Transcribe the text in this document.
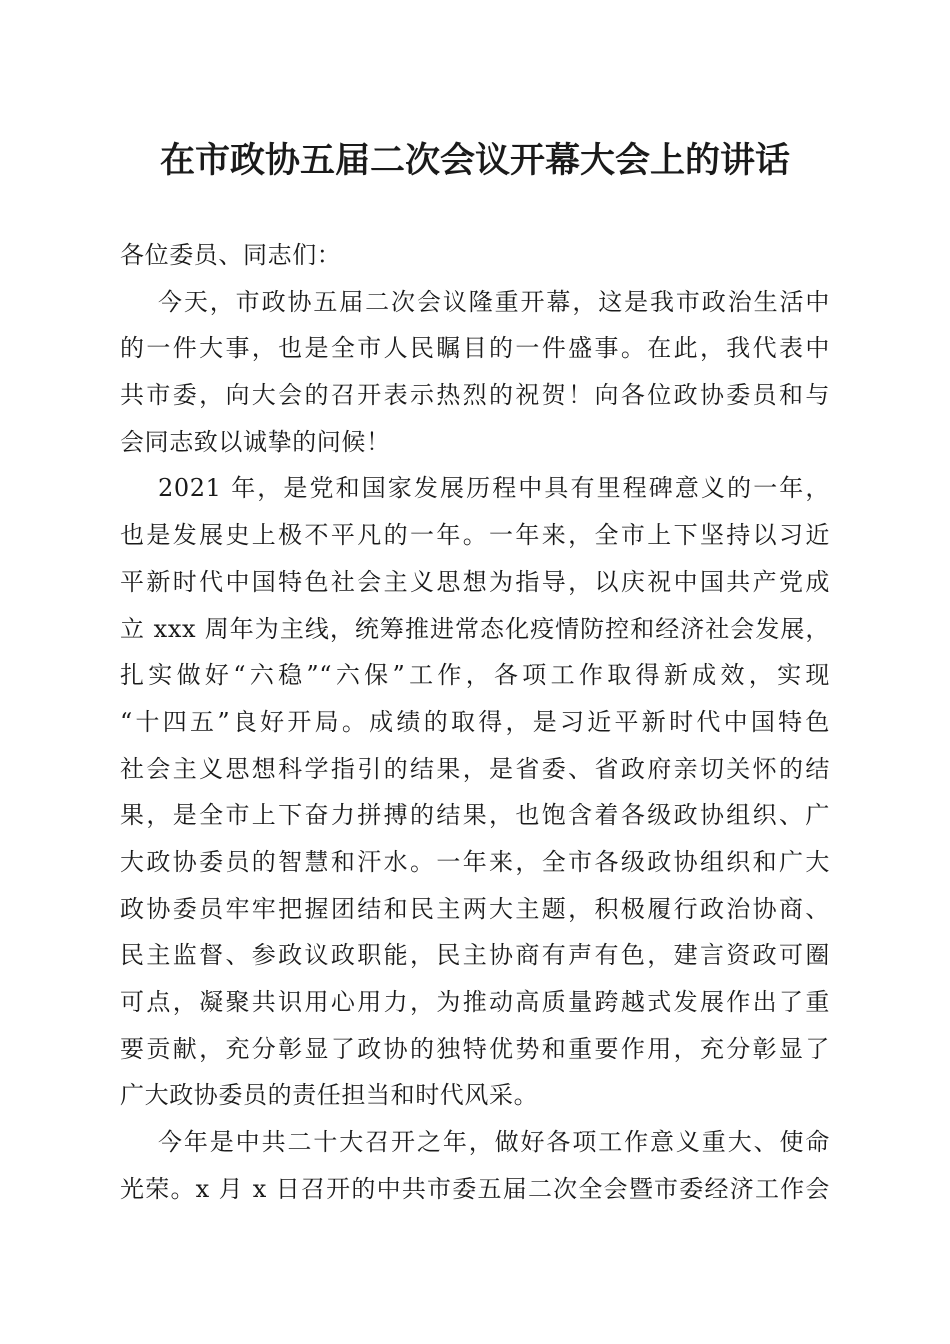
在市政协五届二次会议开幕大会上的讲话
各位委员、同志们：
今天，市政协五届二次会议隆重开幕，这是我市政治生活中
的一件大事，也是全市人民瞩目的一件盛事。在此，我代表中
共市委，向大会的召开表示热烈的祝贺！向各位政协委员和与
会同志致以诚挚的问候！
2021 年，是党和国家发展历程中具有里程碑意义的一年，
也是发展史上极不平凡的一年。一年来，全市上下坚持以习近
平新时代中国特色社会主义思想为指导，以庆祝中国共产党成
立 xxx 周年为主线，统筹推进常态化疫情防控和经济社会发展，
扎实做好“六稳”“六保”工作，各项工作取得新成效，实现
“十四五”良好开局。成绩的取得，是习近平新时代中国特色
社会主义思想科学指引的结果，是省委、省政府亲切关怀的结
果，是全市上下奋力拼搏的结果，也饱含着各级政协组织、广
大政协委员的智慧和汗水。一年来，全市各级政协组织和广大
政协委员牢牢把握团结和民主两大主题，积极履行政治协商、
民主监督、参政议政职能，民主协商有声有色，建言资政可圈
可点，凝聚共识用心用力，为推动高质量跨越式发展作出了重
要贡献，充分彰显了政协的独特优势和重要作用，充分彰显了
广大政协委员的责任担当和时代风采。
今年是中共二十大召开之年，做好各项工作意义重大、使命
光荣。x 月 x 日召开的中共市委五届二次全会暨市委经济工作会
